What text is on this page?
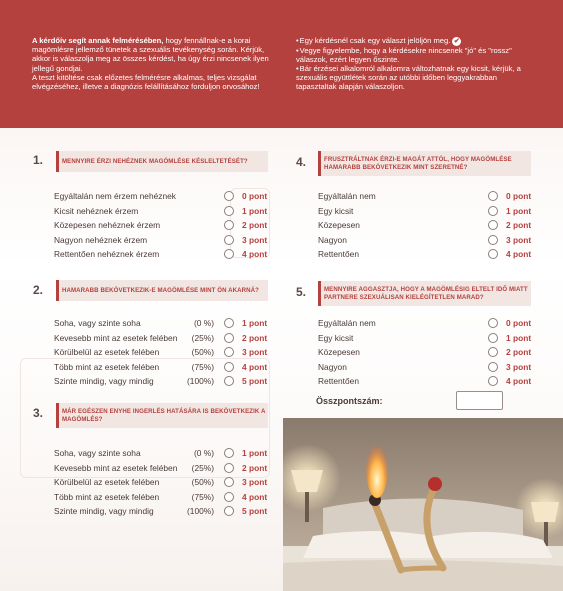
A kérdőív segít annak felmérésében, hogy fennállnak-e a korai magömlésre jellemző tünetek a szexuális tevékenység során. Kérjük, akkor is válaszolja meg az összes kérdést, ha úgy érzi nincsenek ilyen jellegű gondjai.

A teszt kitöltése csak előzetes felmérésre alkalmas, teljes vizsgálat elvégzéséhez, illetve a diagnózis felállításához forduljon orvosához!

• Egy kérdésnél csak egy választ jelöljön meg. ✔

• Vegye figyelembe, hogy a kérdésekre nincsenek "jó" és "rossz" válaszok, ezért legyen őszinte.

• Bár érzései alkalomról alkalomra változhatnak egy kicsit, kérjük, a szexuális együttlétek során az utóbbi időben leggyakrabban tapasztaltak alapján válaszoljon.

1.	MENNYIRE ÉRZI NEHÉZNEK MAGÖMLÉSE KÉSLELTETÉSÉT?
Egyáltalán nem érzem nehéznek	0 pont
Kicsit nehéznek érzem	1 pont
Közepesen nehéznek érzem	2 pont
Nagyon nehéznek érzem	3 pont
Rettentően nehéznek érzem	4 pont
2.	HAMARABB BEKÖVETKEZIK-E MAGÖMLÉSE MINT ÖN AKARNÁ?
Soha, vagy szinte soha	(0 %)	1 pont
Kevesebb mint az esetek felében	(25%)	2 pont
Körülbelül az esetek felében	(50%)	3 pont
Több mint az esetek felében	(75%)	4 pont
Szinte mindig, vagy mindig	(100%)	5 pont
3.	MÁR EGÉSZEN ENYHE INGERLÉS HATÁSÁRA IS BEKÖVETKEZIK A MAGÖMLÉS?
Soha, vagy szinte soha	(0 %)	1 pont
Kevesebb mint az esetek felében	(25%)	2 pont
Körülbelül az esetek felében	(50%)	3 pont
Több mint az esetek felében	(75%)	4 pont
Szinte mindig, vagy mindig	(100%)	5 pont
4.	FRUSZTRÁLTNAK ÉRZI-E MAGÁT ATTÓL, HOGY MAGÖMLÉSE HAMARABB BEKÖVETKEZIK MINT SZERETNÉ?
Egyáltalán nem	0 pont
Egy kicsit	1 pont
Közepesen	2 pont
Nagyon	3 pont
Rettentően	4 pont
5.	MENNYIRE AGGASZTJA, HOGY A MAGÖMLÉSIG ELTELT IDŐ MIATT PARTNERE SZEXUÁLISAN KIELÉGÍTETLEN MARAD?
Egyáltalán nem	0 pont
Egy kicsit	1 pont
Közepesen	2 pont
Nagyon	3 pont
Rettentően	4 pont
Összpontszám:
